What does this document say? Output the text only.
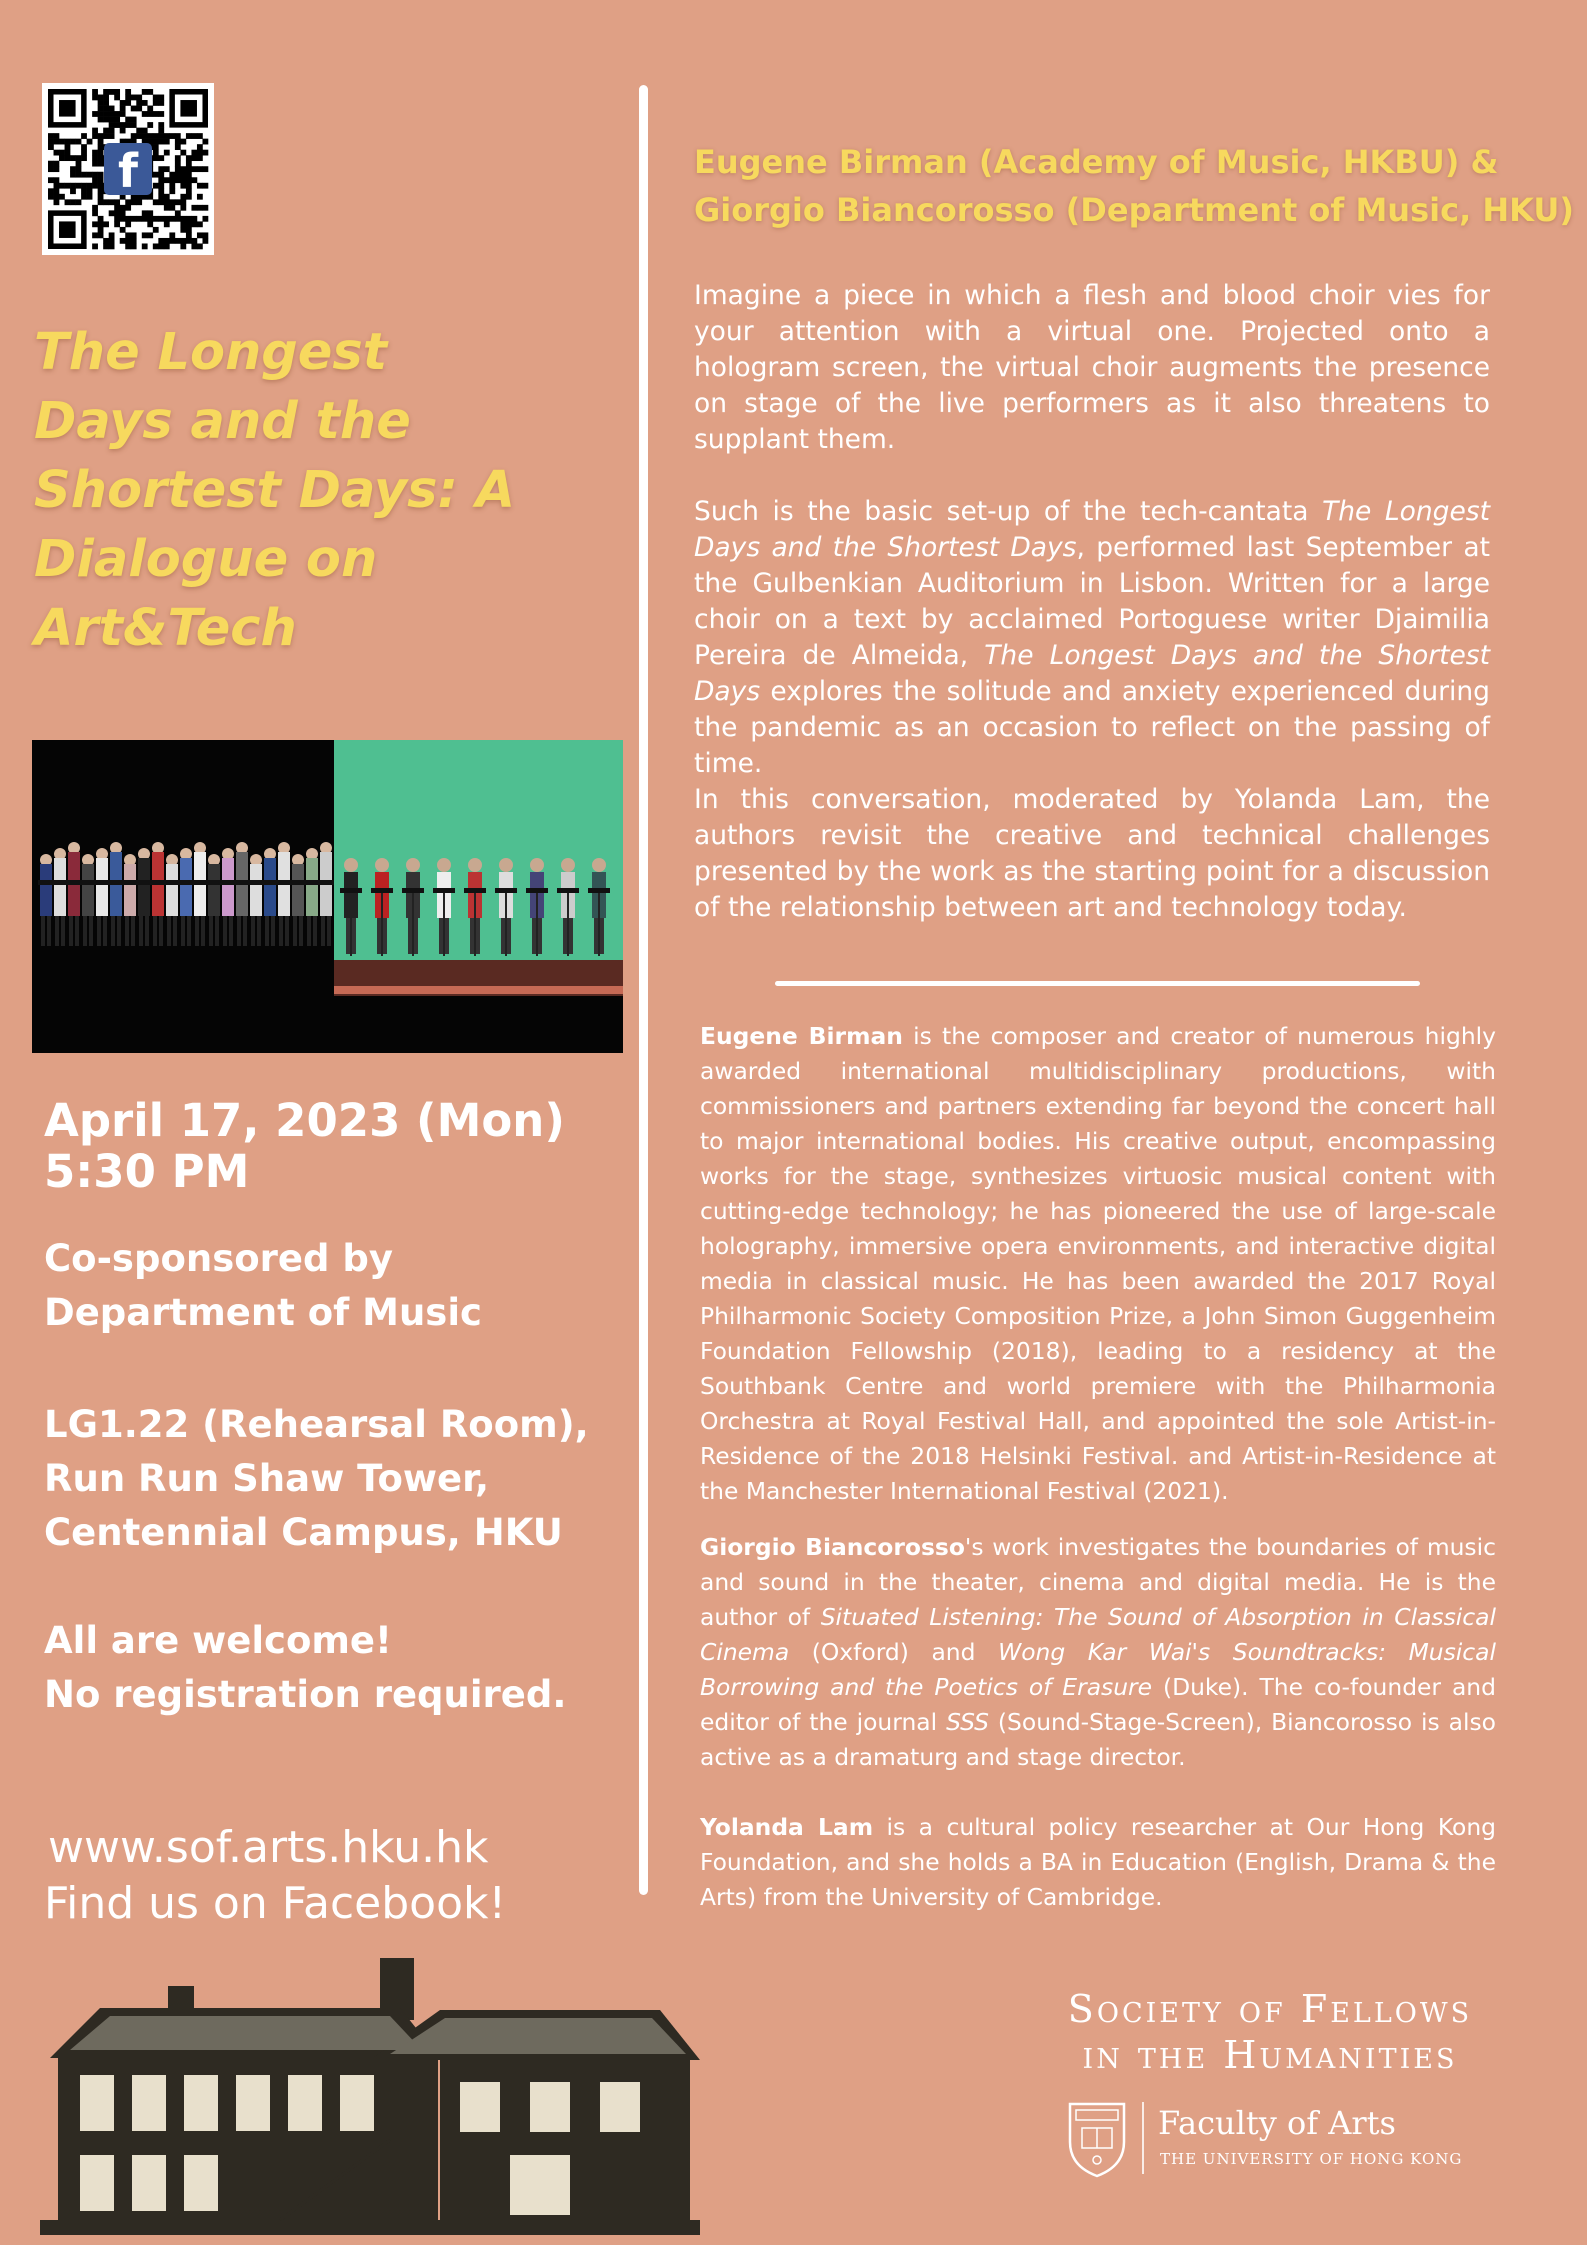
f
The Longest
Days and the
Shortest Days: A
Dialogue on
Art&Tech
April 17, 2023 (Mon)
5:30 PM
Co-sponsored by
Department of Music
LG1.22 (Rehearsal Room),
Run Run Shaw Tower,
Centennial Campus, HKU
All are welcome!
No registration required.
www.sof.arts.hku.hk
Find us on Facebook!
Eugene Birman (Academy of Music, HKBU) &
Giorgio Biancorosso (Department of Music, HKU)
Imagine a piece in which a flesh and blood choir vies for your attention with a virtual one. Projected onto a hologram screen, the virtual choir augments the presence on stage of the live performers as it also threatens to supplant them.
Such is the basic set-up of the tech-cantata The Longest Days and the Shortest Days, performed last September at the Gulbenkian Auditorium in Lisbon. Written for a large choir on a text by acclaimed Portoguese writer Djaimilia Pereira de Almeida, The Longest Days and the Shortest Days explores the solitude and anxiety experienced during the pandemic as an occasion to reflect on the passing of time.
In this conversation, moderated by Yolanda Lam, the authors revisit the creative and technical challenges presented by the work as the starting point for a discussion of the relationship between art and technology today.
Eugene Birman is the composer and creator of numerous highly awarded international multidisciplinary productions, with commissioners and partners extending far beyond the concert hall to major international bodies. His creative output, encompassing works for the stage, synthesizes virtuosic musical content with cutting-edge technology; he has pioneered the use of large-scale holography, immersive opera environments, and interactive digital media in classical music. He has been awarded the 2017 Royal Philharmonic Society Composition Prize, a John Simon Guggenheim Foundation Fellowship (2018), leading to a residency at the Southbank Centre and world premiere with the Philharmonia Orchestra at Royal Festival Hall, and appointed the sole Artist-in-Residence of the 2018 Helsinki Festival. and Artist-in-Residence at the Manchester International Festival (2021).
Giorgio Biancorosso's work investigates the boundaries of music and sound in the theater, cinema and digital media. He is the author of Situated Listening: The Sound of Absorption in Classical Cinema (Oxford) and Wong Kar Wai's Soundtracks: Musical Borrowing and the Poetics of Erasure (Duke). The co-founder and editor of the journal SSS (Sound-Stage-Screen), Biancorosso is also active as a dramaturg and stage director.
Yolanda Lam is a cultural policy researcher at Our Hong Kong Foundation, and she holds a BA in Education (English, Drama & the Arts) from the University of Cambridge.
Society of Fellows
in the Humanities
Faculty of Arts
THE UNIVERSITY OF HONG KONG
